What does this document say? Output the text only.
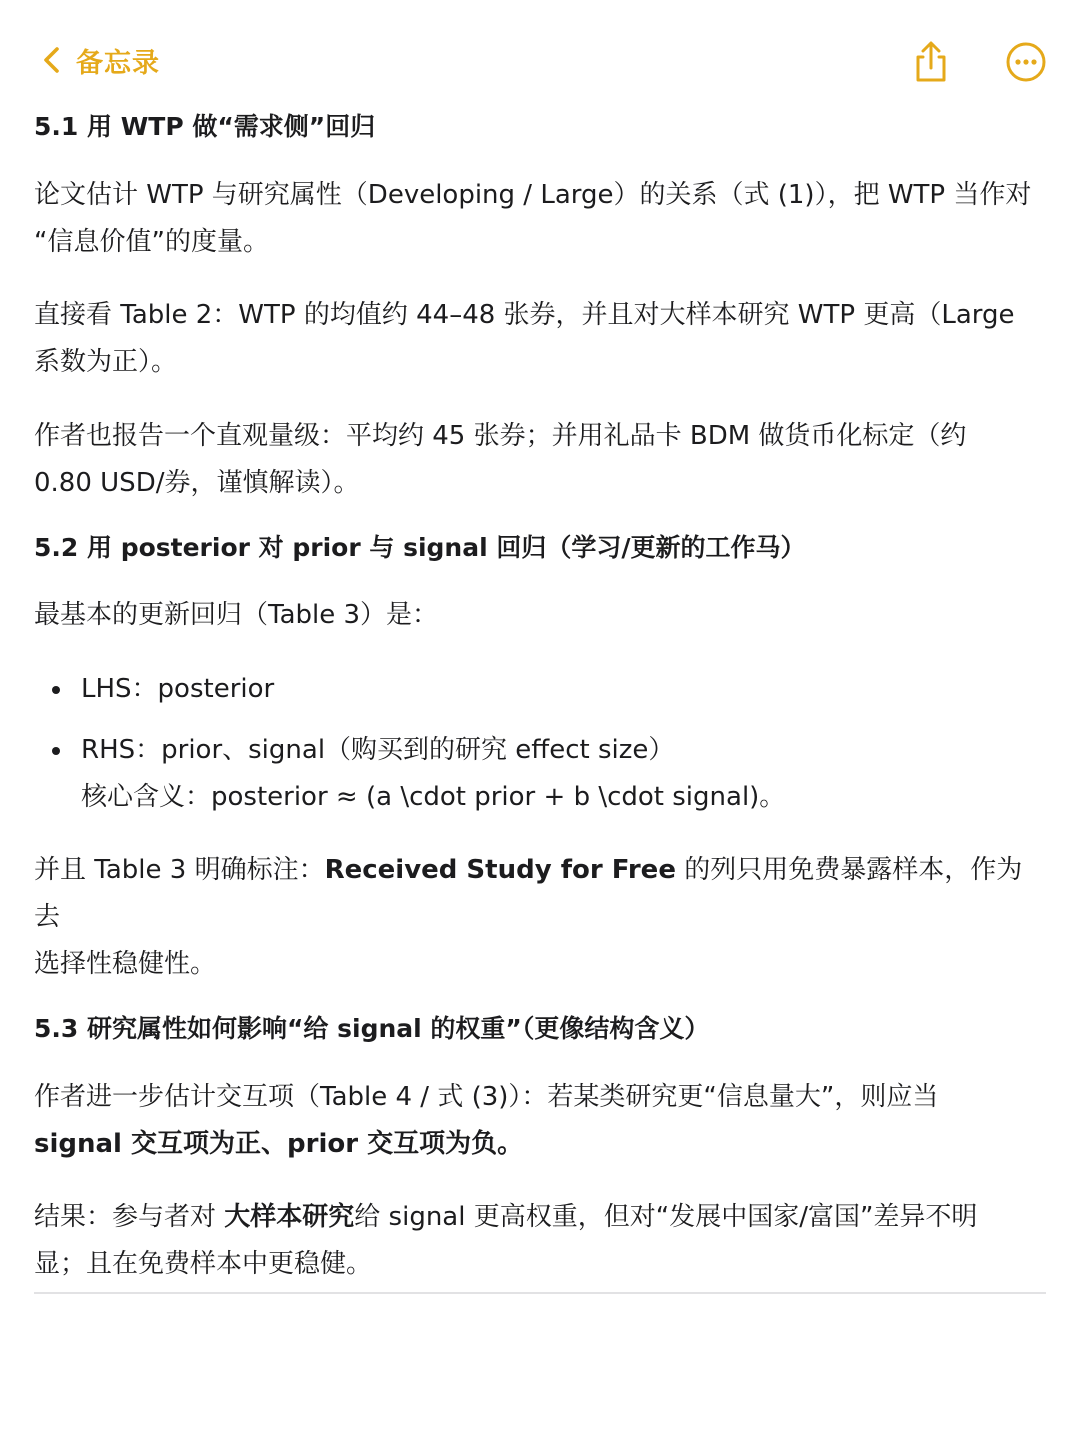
备忘录

5.1 用 WTP 做“需求侧”回归

论文估计 WTP 与研究属性（Developing / Large）的关系（式 (1)），把 WTP 当作对
“信息价值”的度量。

直接看 Table 2：WTP 的均值约 44–48 张券，并且对大样本研究 WTP 更高（Large
系数为正）。

作者也报告一个直观量级：平均约 45 张券；并用礼品卡 BDM 做货币化标定（约
0.80 USD/券，谨慎解读）。

5.2 用 posterior 对 prior 与 signal 回归（学习/更新的工作马）

最基本的更新回归（Table 3）是：

LHS：posterior
RHS：prior、signal（购买到的研究 effect size）
核心含义：posterior ≈ (a \cdot prior + b \cdot signal)。

并且 Table 3 明确标注：Received Study for Free 的列只用免费暴露样本，作为去
选择性稳健性。

5.3 研究属性如何影响“给 signal 的权重”（更像结构含义）

作者进一步估计交互项（Table 4 / 式 (3)）：若某类研究更“信息量大”，则应当
signal 交互项为正、prior 交互项为负。

结果：参与者对 大样本研究给 signal 更高权重，但对“发展中国家/富国”差异不明
显；且在免费样本中更稳健。
